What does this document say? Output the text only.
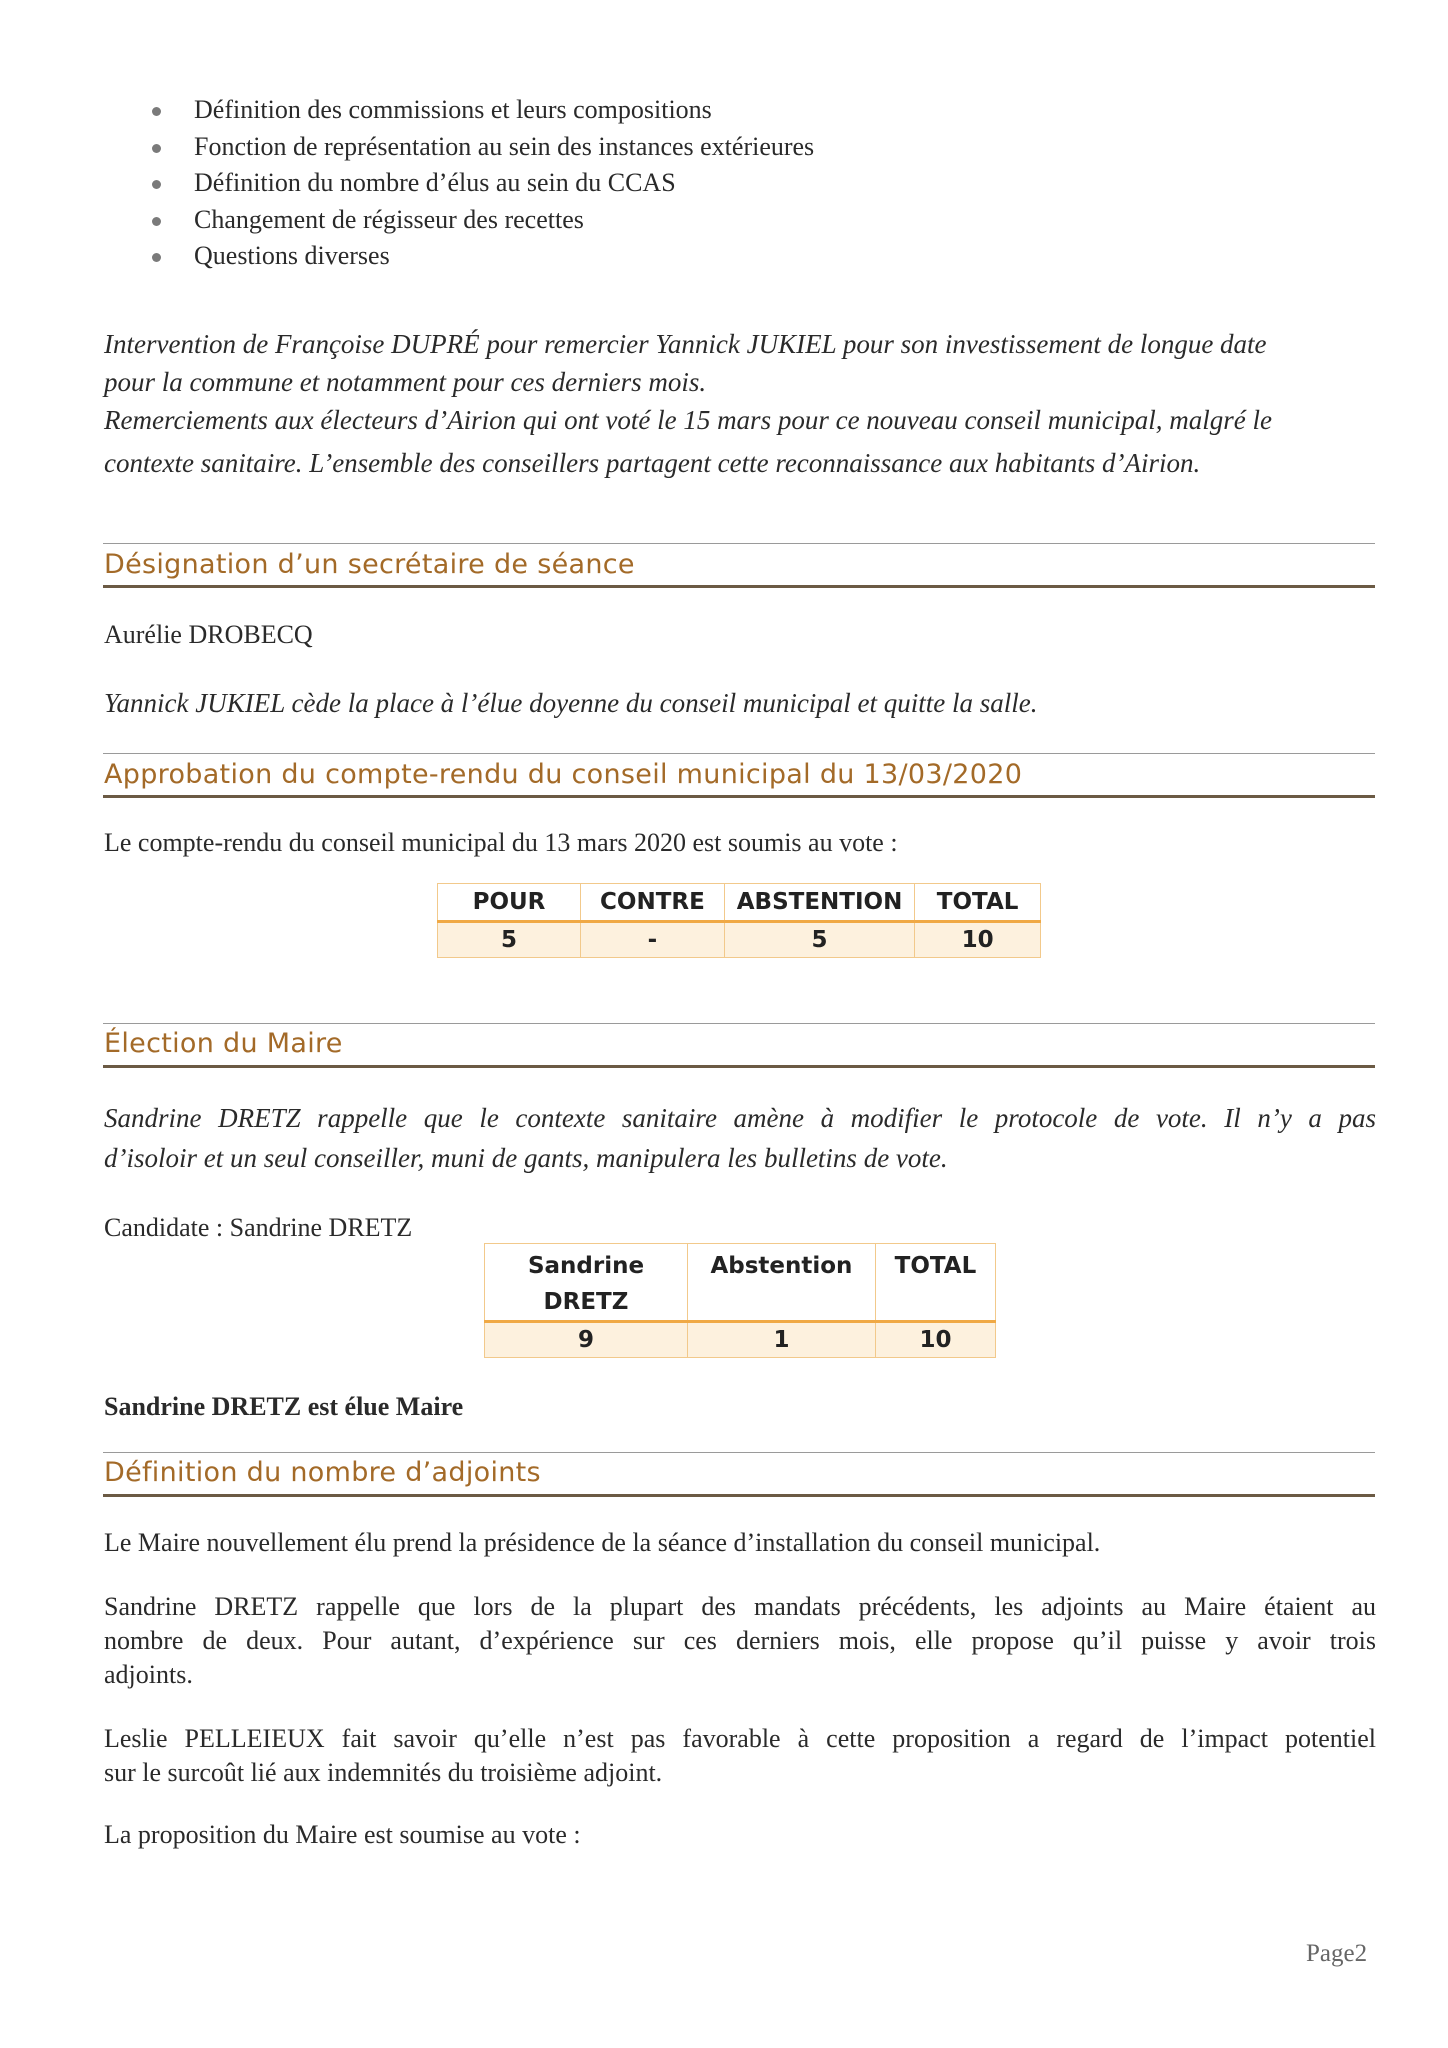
Définition des commissions et leurs compositions
Fonction de représentation au sein des instances extérieures
Définition du nombre d’élus au sein du CCAS
Changement de régisseur des recettes
Questions diverses
Intervention de Françoise DUPRÉ pour remercier Yannick JUKIEL pour son investissement de longue date
pour la commune et notamment pour ces derniers mois.
Remerciements aux électeurs d’Airion qui ont voté le 15 mars pour ce nouveau conseil municipal, malgré le
contexte sanitaire. L’ensemble des conseillers partagent cette reconnaissance aux habitants d’Airion.
Désignation d’un secrétaire de séance
Aurélie DROBECQ
Yannick JUKIEL cède la place à l’élue doyenne du conseil municipal et quitte la salle.
Approbation du compte-rendu du conseil municipal du 13/03/2020
Le compte-rendu du conseil municipal du 13 mars 2020 est soumis au vote :
POUR	CONTRE	ABSTENTION	TOTAL
5	-	5	10
Élection du Maire
Sandrine DRETZ rappelle que le contexte sanitaire amène à modifier le protocole de vote. Il n’y a pas
d’isoloir et un seul conseiller, muni de gants, manipulera les bulletins de vote.
Candidate : Sandrine DRETZ
Sandrine DRETZ	Abstention	TOTAL
9	1	10
Sandrine DRETZ est élue Maire
Définition du nombre d’adjoints
Le Maire nouvellement élu prend la présidence de la séance d’installation du conseil municipal.
Sandrine DRETZ rappelle que lors de la plupart des mandats précédents, les adjoints au Maire étaient au
nombre de deux. Pour autant, d’expérience sur ces derniers mois, elle propose qu’il puisse y avoir trois
adjoints.
Leslie PELLEIEUX fait savoir qu’elle n’est pas favorable à cette proposition a regard de l’impact potentiel
sur le surcoût lié aux indemnités du troisième adjoint.
La proposition du Maire est soumise au vote :
Page2
